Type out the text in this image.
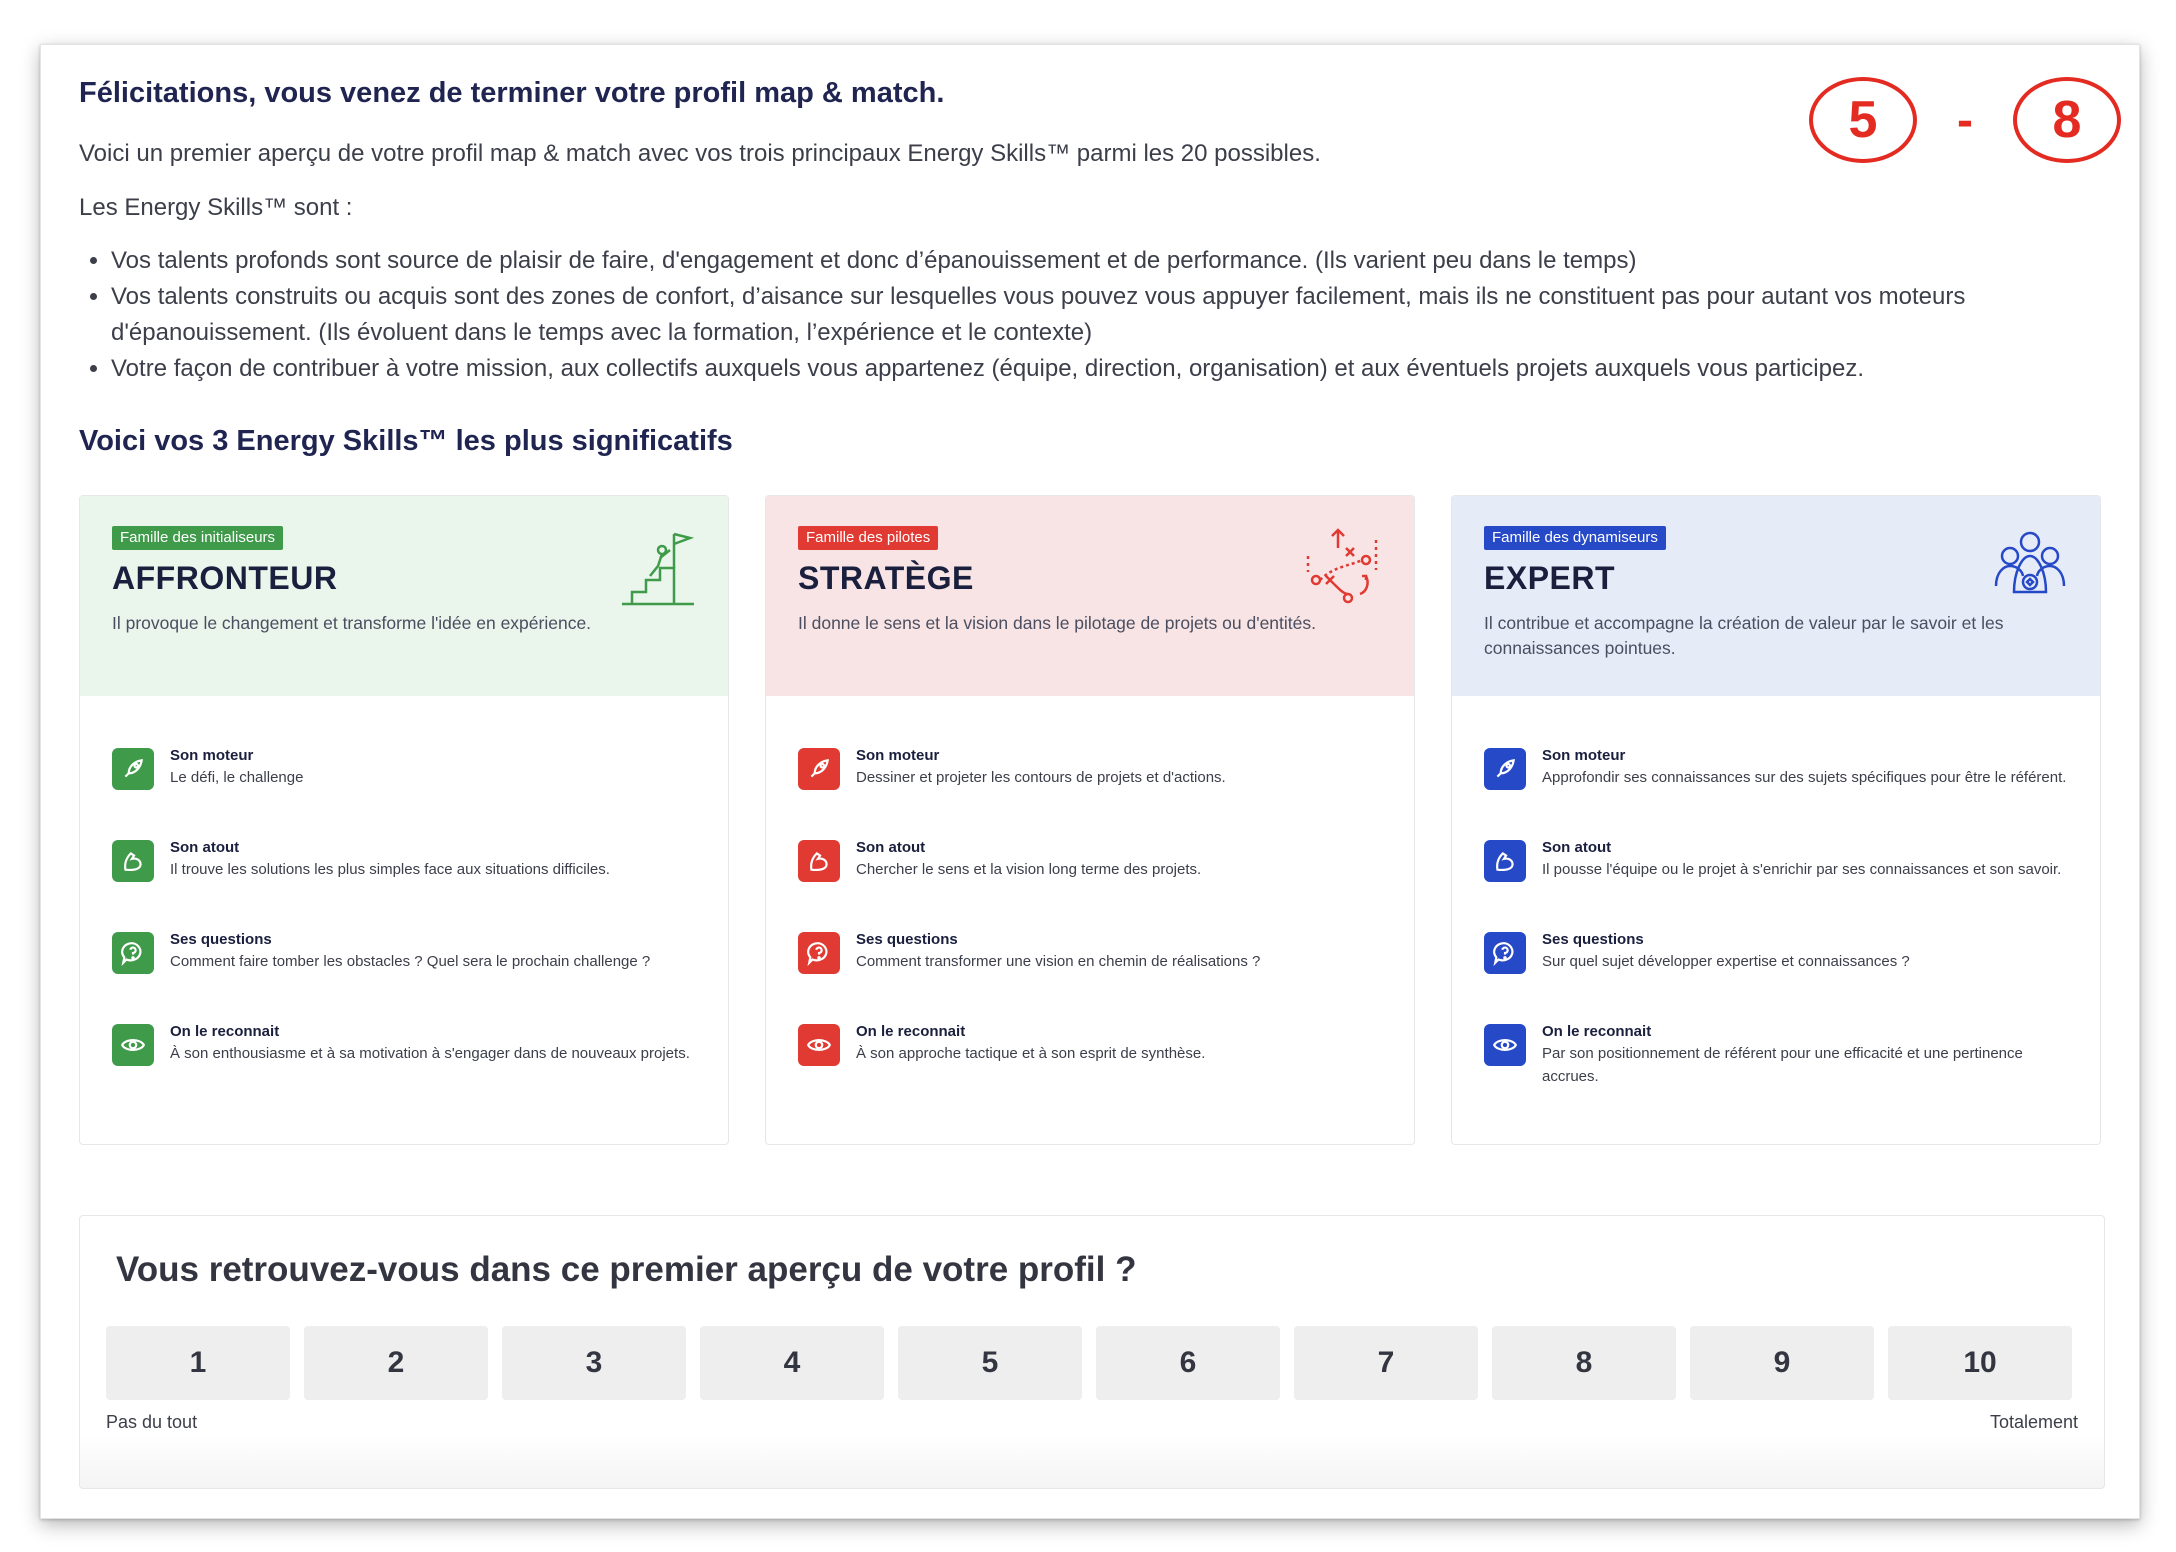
5	-	8
Félicitations, vous venez de terminer votre profil map & match.

Voici un premier aperçu de votre profil map & match avec vos trois principaux Energy Skills™ parmi les 20 possibles.

Les Energy Skills™ sont :

• Vos talents profonds sont source de plaisir de faire, d'engagement et donc d’épanouissement et de performance. (Ils varient peu dans le temps)
• Vos talents construits ou acquis sont des zones de confort, d’aisance sur lesquelles vous pouvez vous appuyer facilement, mais ils ne constituent pas pour autant vos moteurs d'épanouissement. (Ils évoluent dans le temps avec la formation, l’expérience et le contexte)
• Votre façon de contribuer à votre mission, aux collectifs auxquels vous appartenez (équipe, direction, organisation) et aux éventuels projets auxquels vous participez.
Voici vos 3 Energy Skills™ les plus significatifs
Famille des initialiseurs
AFFRONTEUR
Il provoque le changement et transforme l'idée en expérience.
Son moteur
Le défi, le challenge
Son atout
Il trouve les solutions les plus simples face aux situations difficiles.
Ses questions
Comment faire tomber les obstacles ? Quel sera le prochain challenge ?
On le reconnait
À son enthousiasme et à sa motivation à s'engager dans de nouveaux projets.
Famille des pilotes
STRATÈGE
Il donne le sens et la vision dans le pilotage de projets ou d'entités.
Son moteur
Dessiner et projeter les contours de projets et d'actions.
Son atout
Chercher le sens et la vision long terme des projets.
Ses questions
Comment transformer une vision en chemin de réalisations ?
On le reconnait
À son approche tactique et à son esprit de synthèse.
Famille des dynamiseurs
EXPERT
Il contribue et accompagne la création de valeur par le savoir et les connaissances pointues.
Son moteur
Approfondir ses connaissances sur des sujets spécifiques pour être le référent.
Son atout
Il pousse l'équipe ou le projet à s'enrichir par ses connaissances et son savoir.
Ses questions
Sur quel sujet développer expertise et connaissances ?
On le reconnait
Par son positionnement de référent pour une efficacité et une pertinence accrues.
Vous retrouvez-vous dans ce premier aperçu de votre profil ?
1	2	3	4	5	6	7	8	9	10
Pas du tout	Totalement
